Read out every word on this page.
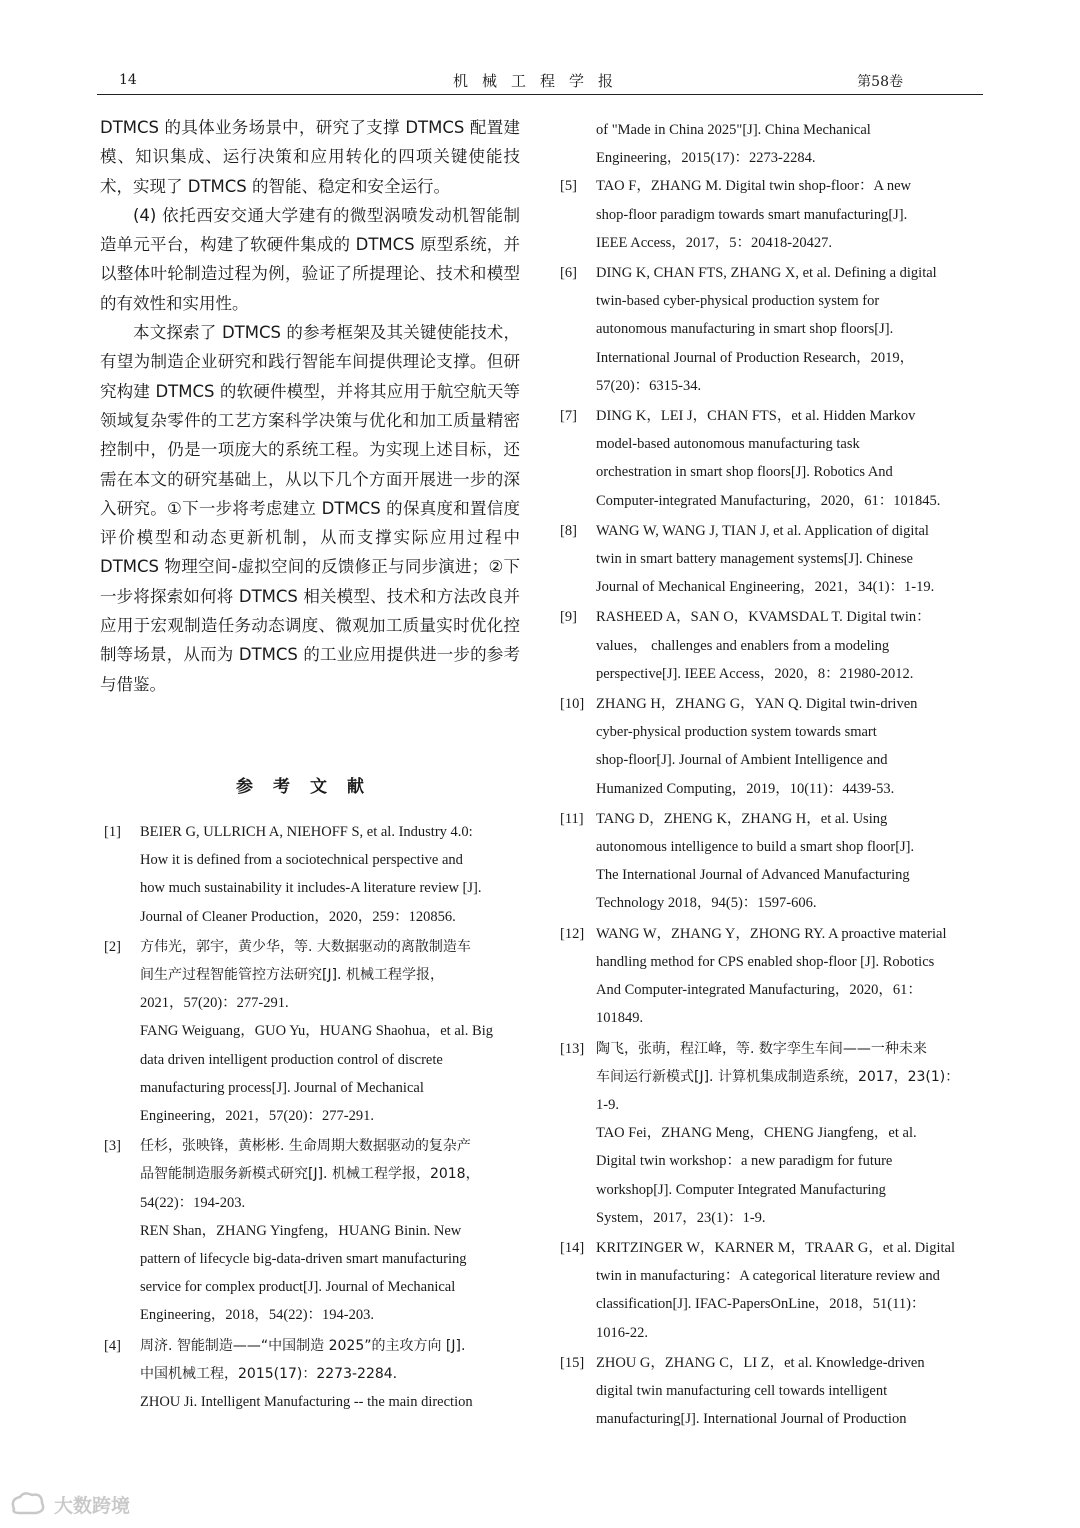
14	机械工程学报	第58卷

DTMCS 的具体业务场景中，研究了支撑 DTMCS 配置建模、知识集成、运行决策和应用转化的四项关键使能技术，实现了 DTMCS 的智能、稳定和安全运行。

(4) 依托西安交通大学建有的微型涡喷发动机智能制造单元平台，构建了软硬件集成的 DTMCS 原型系统，并以整体叶轮制造过程为例，验证了所提理论、技术和模型的有效性和实用性。

本文探索了 DTMCS 的参考框架及其关键使能技术，有望为制造企业研究和践行智能车间提供理论支撑。但研究构建 DTMCS 的软硬件模型，并将其应用于航空航天等领域复杂零件的工艺方案科学决策与优化和加工质量精密控制中，仍是一项庞大的系统工程。为实现上述目标，还需在本文的研究基础上，从以下几个方面开展进一步的深入研究。①下一步将考虑建立 DTMCS 的保真度和置信度评价模型和动态更新机制，从而支撑实际应用过程中 DTMCS 物理空间-虚拟空间的反馈修正与同步演进；②下一步将探索如何将 DTMCS 相关模型、技术和方法改良并应用于宏观制造任务动态调度、微观加工质量实时优化控制等场景，从而为 DTMCS 的工业应用提供进一步的参考与借鉴。

参考文献
[1] BEIER G, ULLRICH A, NIEHOFF S, et al. Industry 4.0:
How it is defined from a sociotechnical perspective and
how much sustainability it includes-A literature review [J].
Journal of Cleaner Production，2020，259：120856.
[2] 方伟光，郭宇，黄少华，等. 大数据驱动的离散制造车
间生产过程智能管控方法研究[J]. 机械工程学报，
2021，57(20)：277-291.
FANG Weiguang，GUO Yu，HUANG Shaohua，et al. Big
data driven intelligent production control of discrete
manufacturing process[J]. Journal of Mechanical
Engineering，2021，57(20)：277-291.
[3] 任杉，张映锋，黄彬彬. 生命周期大数据驱动的复杂产
品智能制造服务新模式研究[J]. 机械工程学报，2018，
54(22)：194-203.
REN Shan，ZHANG Yingfeng，HUANG Binin. New
pattern of lifecycle big-data-driven smart manufacturing
service for complex product[J]. Journal of Mechanical
Engineering，2018，54(22)：194-203.
[4] 周济. 智能制造——“中国制造 2025”的主攻方向 [J].
中国机械工程，2015(17)：2273-2284.
ZHOU Ji. Intelligent Manufacturing -- the main direction
of "Made in China 2025"[J]. China Mechanical
Engineering，2015(17)：2273-2284.
[5] TAO F，ZHANG M. Digital twin shop-floor：A new
shop-floor paradigm towards smart manufacturing[J].
IEEE Access，2017，5：20418-20427.
[6] DING K, CHAN FTS, ZHANG X, et al. Defining a digital
twin-based cyber-physical production system for
autonomous manufacturing in smart shop floors[J].
International Journal of Production Research，2019，
57(20)：6315-34.
[7] DING K，LEI J，CHAN FTS，et al. Hidden Markov
model-based autonomous manufacturing task
orchestration in smart shop floors[J]. Robotics And
Computer-integrated Manufacturing，2020，61：101845.
[8] WANG W, WANG J, TIAN J, et al. Application of digital
twin in smart battery management systems[J]. Chinese
Journal of Mechanical Engineering，2021，34(1)：1-19.
[9] RASHEED A，SAN O，KVAMSDAL T. Digital twin：
values， challenges and enablers from a modeling
perspective[J]. IEEE Access，2020，8：21980-2012.
[10] ZHANG H，ZHANG G，YAN Q. Digital twin-driven
cyber-physical production system towards smart
shop-floor[J]. Journal of Ambient Intelligence and
Humanized Computing，2019，10(11)：4439-53.
[11] TANG D，ZHENG K，ZHANG H，et al. Using
autonomous intelligence to build a smart shop floor[J].
The International Journal of Advanced Manufacturing
Technology 2018，94(5)：1597-606.
[12] WANG W，ZHANG Y，ZHONG RY. A proactive material
handling method for CPS enabled shop-floor [J]. Robotics
And Computer-integrated Manufacturing，2020，61：
101849.
[13] 陶飞，张萌，程江峰，等. 数字孪生车间——一种未来
车间运行新模式[J]. 计算机集成制造系统，2017，23(1)：
1-9.
TAO Fei，ZHANG Meng，CHENG Jiangfeng，et al.
Digital twin workshop：a new paradigm for future
workshop[J]. Computer Integrated Manufacturing
System，2017，23(1)：1-9.
[14] KRITZINGER W，KARNER M，TRAAR G，et al. Digital
twin in manufacturing：A categorical literature review and
classification[J]. IFAC-PapersOnLine，2018，51(11)：
1016-22.
[15] ZHOU G，ZHANG C，LI Z，et al. Knowledge-driven
digital twin manufacturing cell towards intelligent
manufacturing[J]. International Journal of Production
大数跨境
